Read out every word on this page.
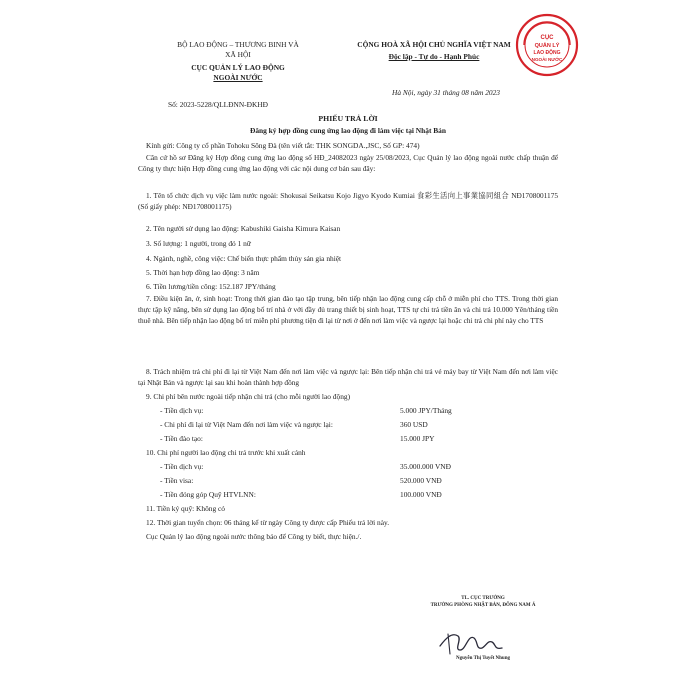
BỘ LAO ĐỘNG – THƯƠNG BINH VÀ
XÃ HỘI
CỤC QUẢN LÝ LAO ĐỘNG
NGOÀI NƯỚC
CỘNG HOÀ XÃ HỘI CHỦ NGHĨA VIỆT NAM
Độc lập - Tự do - Hạnh Phúc
CỤC
QUẢN LÝ
LAO ĐỘNG
NGOÀI NƯỚC
Số: 2023-5228/QLLĐNN-ĐKHĐ
Hà Nội, ngày 31 tháng 08 năm 2023
PHIẾU TRẢ LỜI
Đăng ký hợp đồng cung ứng lao động đi làm việc tại Nhật Bản
Kính gửi: Công ty cổ phần Tohoku Sông Đà (tên viết tắt: THK SONGDA.,JSC, Số GP: 474)
Căn cứ hồ sơ Đăng ký Hợp đồng cung ứng lao động số HĐ_24082023 ngày 25/08/2023, Cục Quản lý lao động ngoài nước chấp thuận để Công ty thực hiện Hợp đồng cung ứng lao động với các nội dung cơ bản sau đây:
1. Tên tổ chức dịch vụ việc làm nước ngoài: Shokusai Seikatsu Kojo Jigyo Kyodo Kumiai 食彩生活向上事業協同組合 NĐ1708001175 (Số giấy phép: NĐ1708001175)
2. Tên người sử dụng lao động: Kabushiki Gaisha Kimura Kaisan
3. Số lượng: 1 người, trong đó 1 nữ
4. Ngành, nghề, công việc: Chế biến thực phẩm thủy sản gia nhiệt
5. Thời hạn hợp đồng lao động: 3 năm
6. Tiền lương/tiền công: 152.187 JPY/tháng
7. Điều kiện ăn, ở, sinh hoạt: Trong thời gian đào tạo tập trung, bên tiếp nhận lao động cung cấp chỗ ở miễn phí cho TTS. Trong thời gian thực tập kỹ năng, bên sử dụng lao động bố trí nhà ở với đầy đủ trang thiết bị sinh hoạt, TTS tự chi trả tiền ăn và chi trả 10.000 Yên/tháng tiền thuê nhà. Bên tiếp nhận lao động bố trí miễn phí phương tiện đi lại từ nơi ở đến nơi làm việc và ngược lại hoặc chi trả chi phí này cho TTS
8. Trách nhiệm trả chi phí đi lại từ Việt Nam đến nơi làm việc và ngược lại: Bên tiếp nhận chi trả vé máy bay từ Việt Nam đến nơi làm việc tại Nhật Bản và ngược lại sau khi hoàn thành hợp đồng
9. Chi phí bên nước ngoài tiếp nhận chi trả (cho mỗi người lao động)
- Tiền dịch vụ:	5.000 JPY/Tháng
- Chi phí đi lại từ Việt Nam đến nơi làm việc và ngược lại:	360 USD
- Tiền đào tạo:	15.000 JPY
10. Chi phí người lao động chi trả trước khi xuất cảnh
- Tiền dịch vụ:	35.000.000 VNĐ
- Tiền visa:	520.000 VNĐ
- Tiền đóng góp Quỹ HTVLNN:	100.000 VNĐ
11. Tiền ký quỹ: Không có
12. Thời gian tuyển chọn: 06 tháng kể từ ngày Công ty được cấp Phiếu trả lời này.
Cục Quản lý lao động ngoài nước thông báo để Công ty biết, thực hiện./.
TL. CỤC TRƯỞNG
TRƯỞNG PHÒNG NHẬT BẢN, ĐÔNG NAM Á
Nguyễn Thị Tuyết Nhung
